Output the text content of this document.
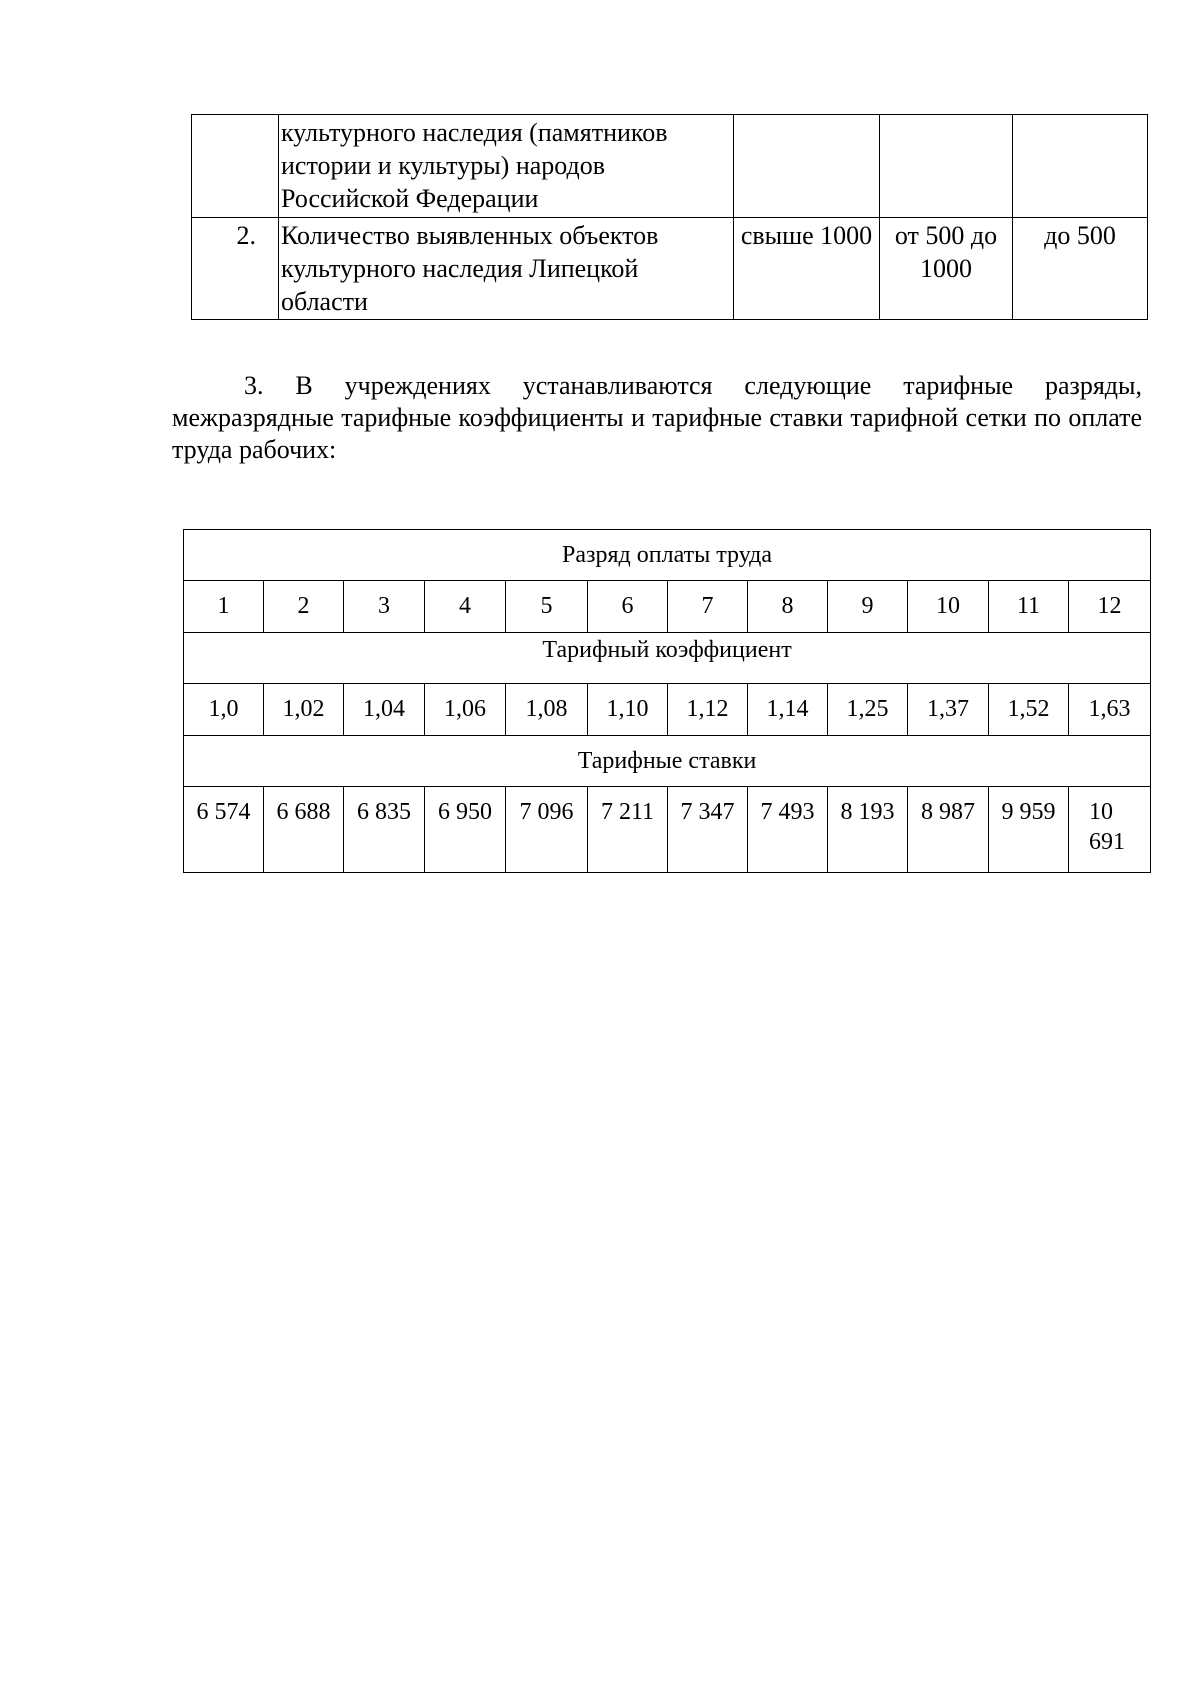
	культурного наследия (памятников истории и культуры) народов Российской Федерации			
2.	Количество выявленных объектов культурного наследия Липецкой области	свыше 1000	от 500 до 1000	до 500

3. В учреждениях устанавливаются следующие тарифные разряды, межразрядные тарифные коэффициенты и тарифные ставки тарифной сетки по оплате труда рабочих:

Разряд оплаты труда											
1	2	3	4	5	6	7	8	9	10	11	12
Тарифный коэффициент											
1,0	1,02	1,04	1,06	1,08	1,10	1,12	1,14	1,25	1,37	1,52	1,63
Тарифные ставки											
6 574	6 688	6 835	6 950	7 096	7 211	7 347	7 493	8 193	8 987	9 959	10 691
